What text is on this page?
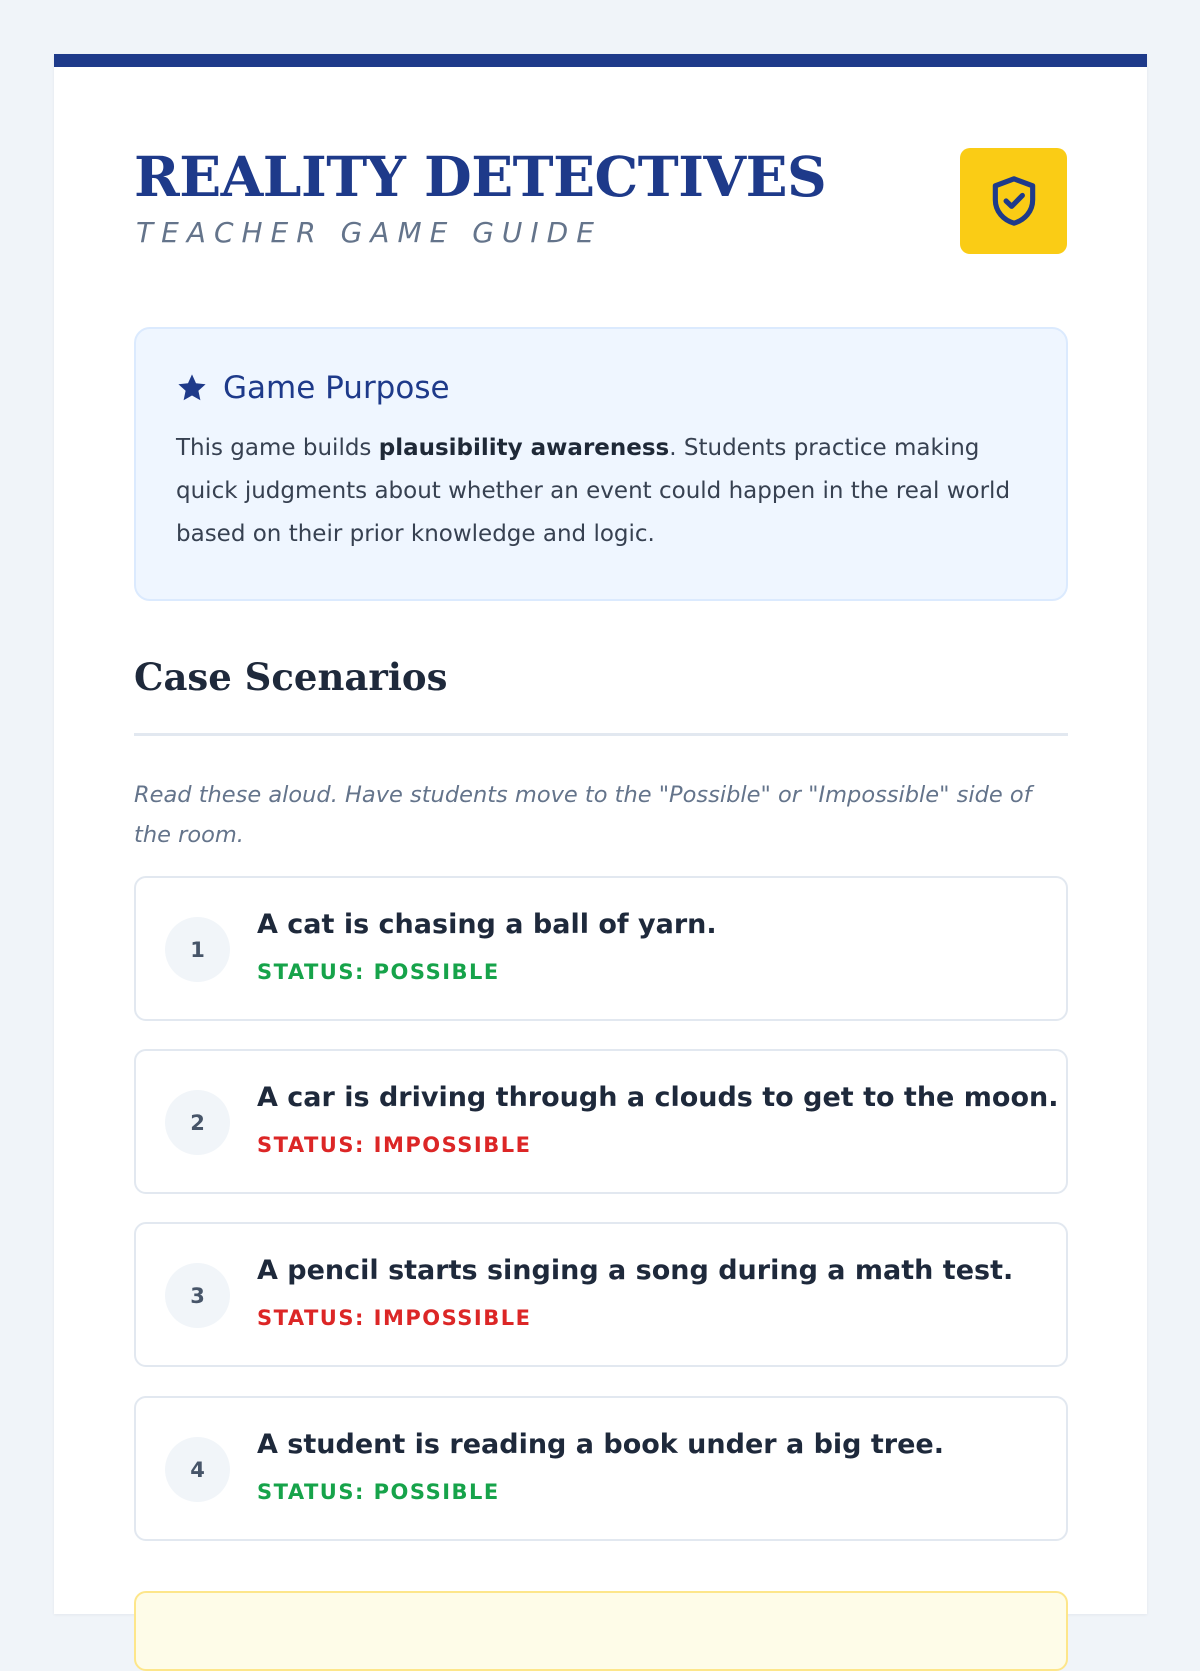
REALITY DETECTIVES
TEACHER GAME GUIDE
Game Purpose

This game builds plausibility awareness. Students practice making quick judgments about whether an event could happen in the real world based on their prior knowledge and logic.

Case Scenarios

Read these aloud. Have students move to the "Possible" or "Impossible" side of the room.

1
A cat is chasing a ball of yarn.
STATUS: POSSIBLE
2
A car is driving through a clouds to get to the moon.
STATUS: IMPOSSIBLE
3
A pencil starts singing a song during a math test.
STATUS: IMPOSSIBLE
4
A student is reading a book under a big tree.
STATUS: POSSIBLE
